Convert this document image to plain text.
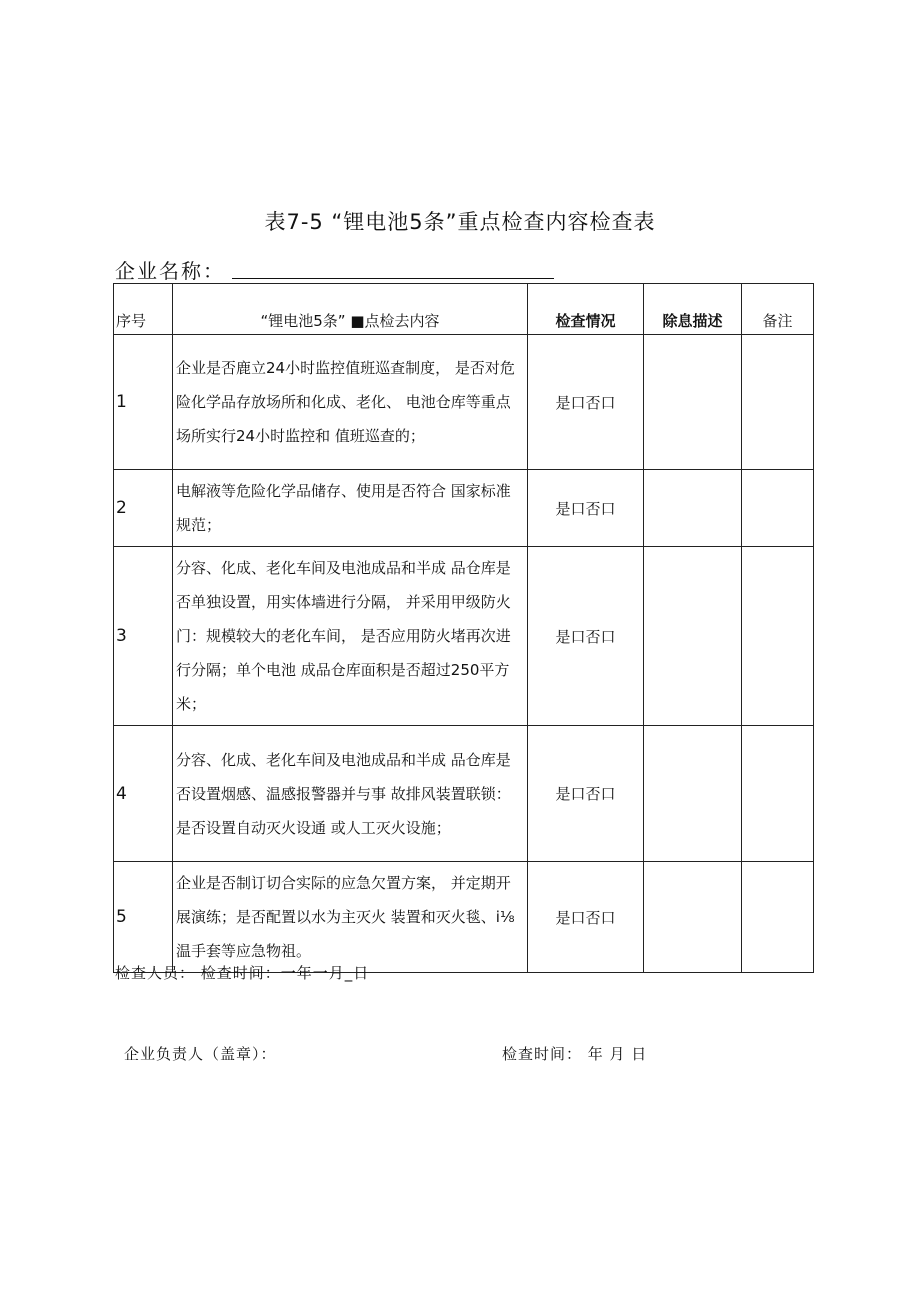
表7-5 “锂电池5条”重点检查内容检查表
企业名称：
序号	“锂电池5条” ■点检去内容	检查情况	除息描述	备注
1	企业是否鹿立24小时监控值班巡查制度， 是否对危险化学品存放场所和化成、老化、 电池仓库等重点场所实行24小时监控和 值班巡查的；	是口否口		
2	电解液等危险化学品储存、使用是否符合 国家标准规范；	是口否口		
3	分容、化成、老化车间及电池成品和半成 品仓库是否单独设置，用实体墙进行分隔， 并采用甲级防火门：规模较大的老化车间， 是否应用防火堵再次进行分隔；单个电池 成品仓库面积是否超过250平方米；	是口否口		
4	分容、化成、老化车间及电池成品和半成 品仓库是否设置烟感、温感报警器并与事 故排风装置联锁：是否设置自动灭火设通 或人工灭火设施；	是口否口		
5	企业是否制订切合实际的应急欠置方案， 并定期开展演练；是否配置以水为主灭火 装置和灭火毯、i⅛温手套等应急物祖。	是口否口		
检查人员： 检查时间：一年一月_日
企业负责人（盖章）：	检查时间： 年 月 日
